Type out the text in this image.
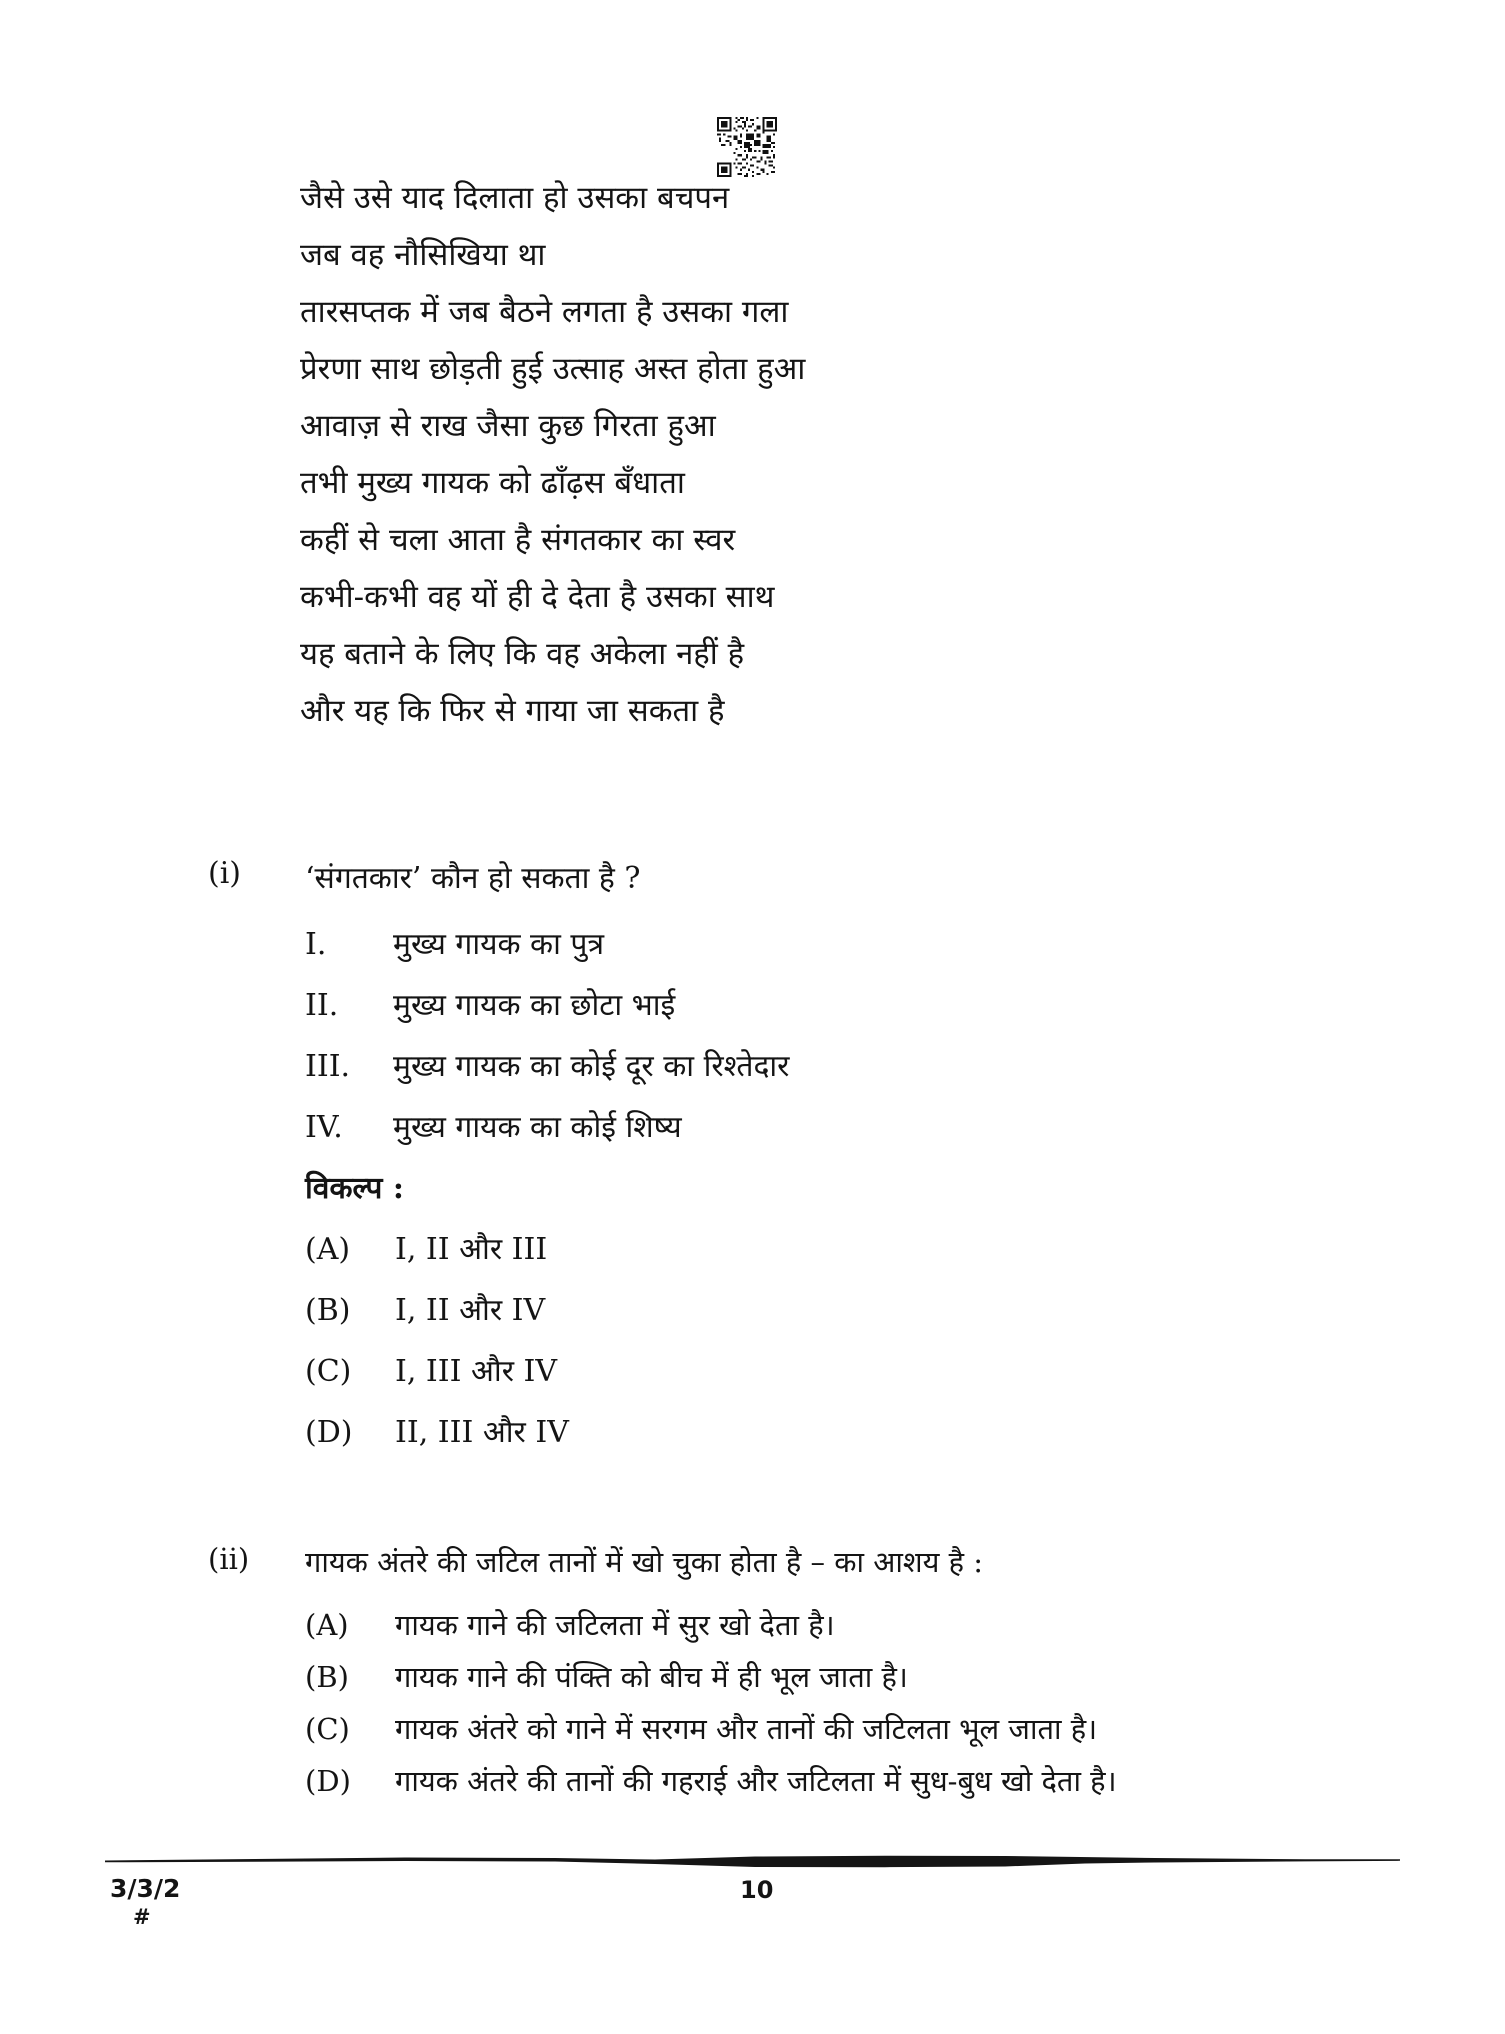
जैसे उसे याद दिलाता हो उसका बचपन
जब वह नौसिखिया था
तारसप्तक में जब बैठने लगता है उसका गला
प्रेरणा साथ छोड़ती हुई उत्साह अस्त होता हुआ
आवाज़ से राख जैसा कुछ गिरता हुआ
तभी मुख्य गायक को ढाँढ़स बँधाता
कहीं से चला आता है संगतकार का स्वर
कभी-कभी वह यों ही दे देता है उसका साथ
यह बताने के लिए कि वह अकेला नहीं है
और यह कि फिर से गाया जा सकता है
(i)	‘संगतकार’ कौन हो सकता है ?
I.	मुख्य गायक का पुत्र
II.	मुख्य गायक का छोटा भाई
III.	मुख्य गायक का कोई दूर का रिश्तेदार
IV.	मुख्य गायक का कोई शिष्य
विकल्प :
(A)	I, II और III
(B)	I, II और IV
(C)	I, III और IV
(D)	II, III और IV
(ii)	गायक अंतरे की जटिल तानों में खो चुका होता है – का आशय है :
(A)	गायक गाने की जटिलता में सुर खो देता है।
(B)	गायक गाने की पंक्ति को बीच में ही भूल जाता है।
(C)	गायक अंतरे को गाने में सरगम और तानों की जटिलता भूल जाता है।
(D)	गायक अंतरे की तानों की गहराई और जटिलता में सुध-बुध खो देता है।
3/3/2	10
#
